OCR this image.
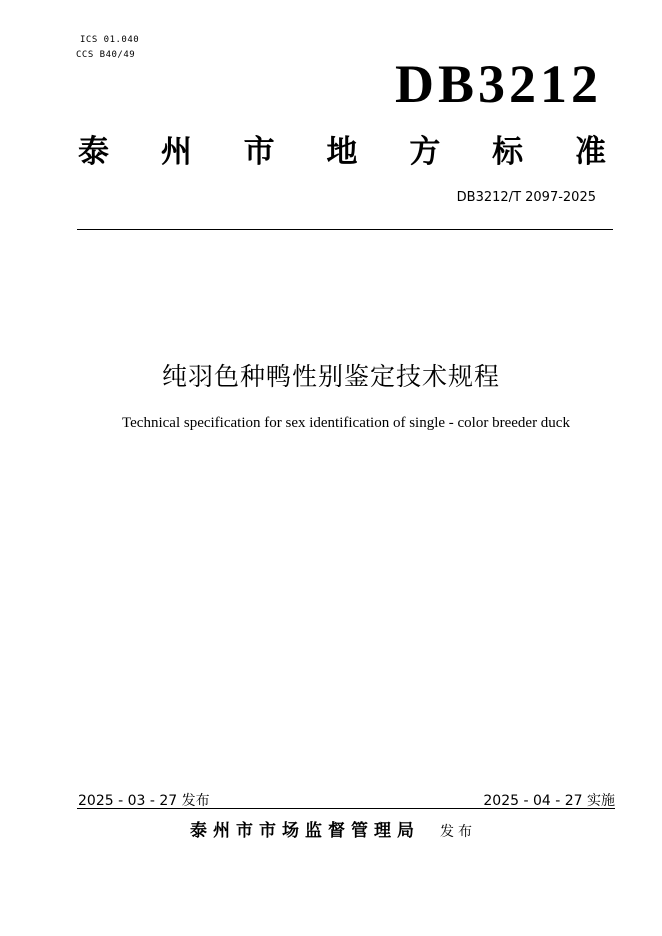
ICS 01.040
CCS B40/49	DB3212
泰 州 市 地 方 标 准
DB3212/T 2097-2025
纯羽色种鸭性别鉴定技术规程
Technical specification for sex identification of single - color breeder duck
2025 - 03 - 27 发布	2025 - 04 - 27 实施
泰州市市场监督管理局 发布
